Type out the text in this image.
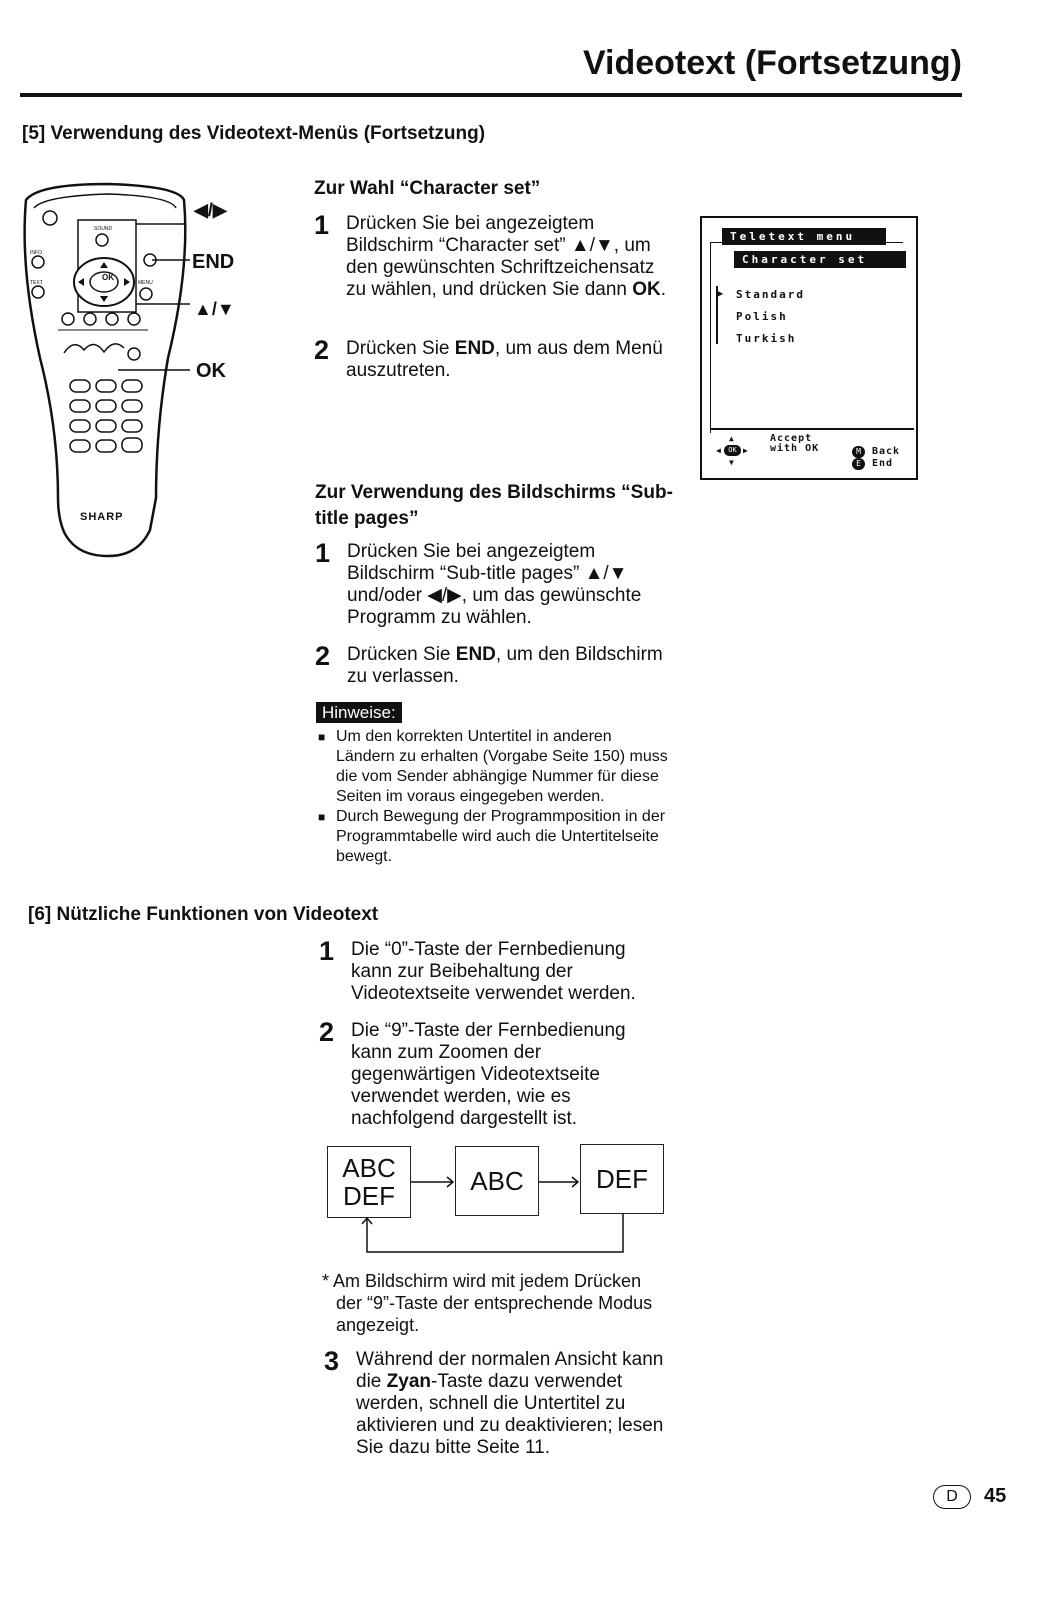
Videotext (Fortsetzung)
[5] Verwendung des Videotext-Menüs (Fortsetzung)
OK
SOUND
INFO
TEXT	MENU
SHARP
◀/▶
END
▲/▼
OK
Zur Wahl “Character set”
1 Drücken Sie bei angezeigtem Bildschirm “Character set” ▲/▼, um den gewünschten Schriftzeichensatz zu wählen, und drücken Sie dann OK.
2 Drücken Sie END, um aus dem Menü auszutreten.
Teletext menu
Character set
▶ Standard
Polish
Turkish
▲
▼
◀	▶
OK
Accept with OK	M	Back
E	End
Zur Verwendung des Bildschirms “Sub-title pages”
1 Drücken Sie bei angezeigtem Bildschirm “Sub-title pages” ▲/▼ und/oder ◀/▶, um das gewünschte Programm zu wählen.
2 Drücken Sie END, um den Bildschirm zu verlassen.
Hinweise:
■ Um den korrekten Untertitel in anderen Ländern zu erhalten (Vorgabe Seite 150) muss die vom Sender abhängige Nummer für diese Seiten im voraus eingegeben werden.
■ Durch Bewegung der Programmposition in der Programmtabelle wird auch die Untertitelseite bewegt.
[6] Nützliche Funktionen von Videotext
1 Die “0”-Taste der Fernbedienung kann zur Beibehaltung der Videotextseite verwendet werden.
2 Die “9”-Taste der Fernbedienung kann zum Zoomen der gegenwärtigen Videotextseite verwendet werden, wie es nachfolgend dargestellt ist.
ABC
DEF	ABC	DEF
* Am Bildschirm wird mit jedem Drücken der “9”-Taste der entsprechende Modus angezeigt.
3 Während der normalen Ansicht kann die Zyan-Taste dazu verwendet werden, schnell die Untertitel zu aktivieren und zu deaktivieren; lesen Sie dazu bitte Seite 11.
D	45
